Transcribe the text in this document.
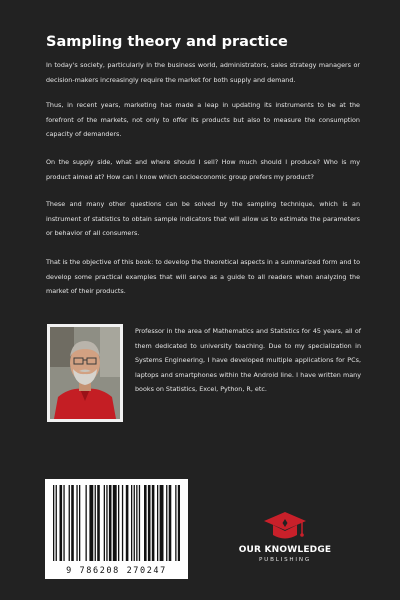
Sampling theory and practice

In today's society, particularly in the business world, administrators, sales strategy managers or decision-makers increasingly require the market for both supply and demand.

Thus, in recent years, marketing has made a leap in updating its instruments to be at the forefront of the markets, not only to offer its products but also to measure the consumption capacity of demanders.

On the supply side, what and where should I sell? How much should I produce? Who is my product aimed at? How can I know which socioeconomic group prefers my product?

These and many other questions can be solved by the sampling technique, which is an instrument of statistics to obtain sample indicators that will allow us to estimate the parameters or behavior of all consumers.

That is the objective of this book: to develop the theoretical aspects in a summarized form and to develop some practical examples that will serve as a guide to all readers when analyzing the market of their products.

Professor in the area of Mathematics and Statistics for 45 years, all of them dedicated to university teaching. Due to my specialization in Systems Engineering, I have developed multiple applications for PCs, laptops and smartphones within the Android line. I have written many books on Statistics, Excel, Python, R, etc.

9 786208 270247
OUR KNOWLEDGE
PUBLISHING
